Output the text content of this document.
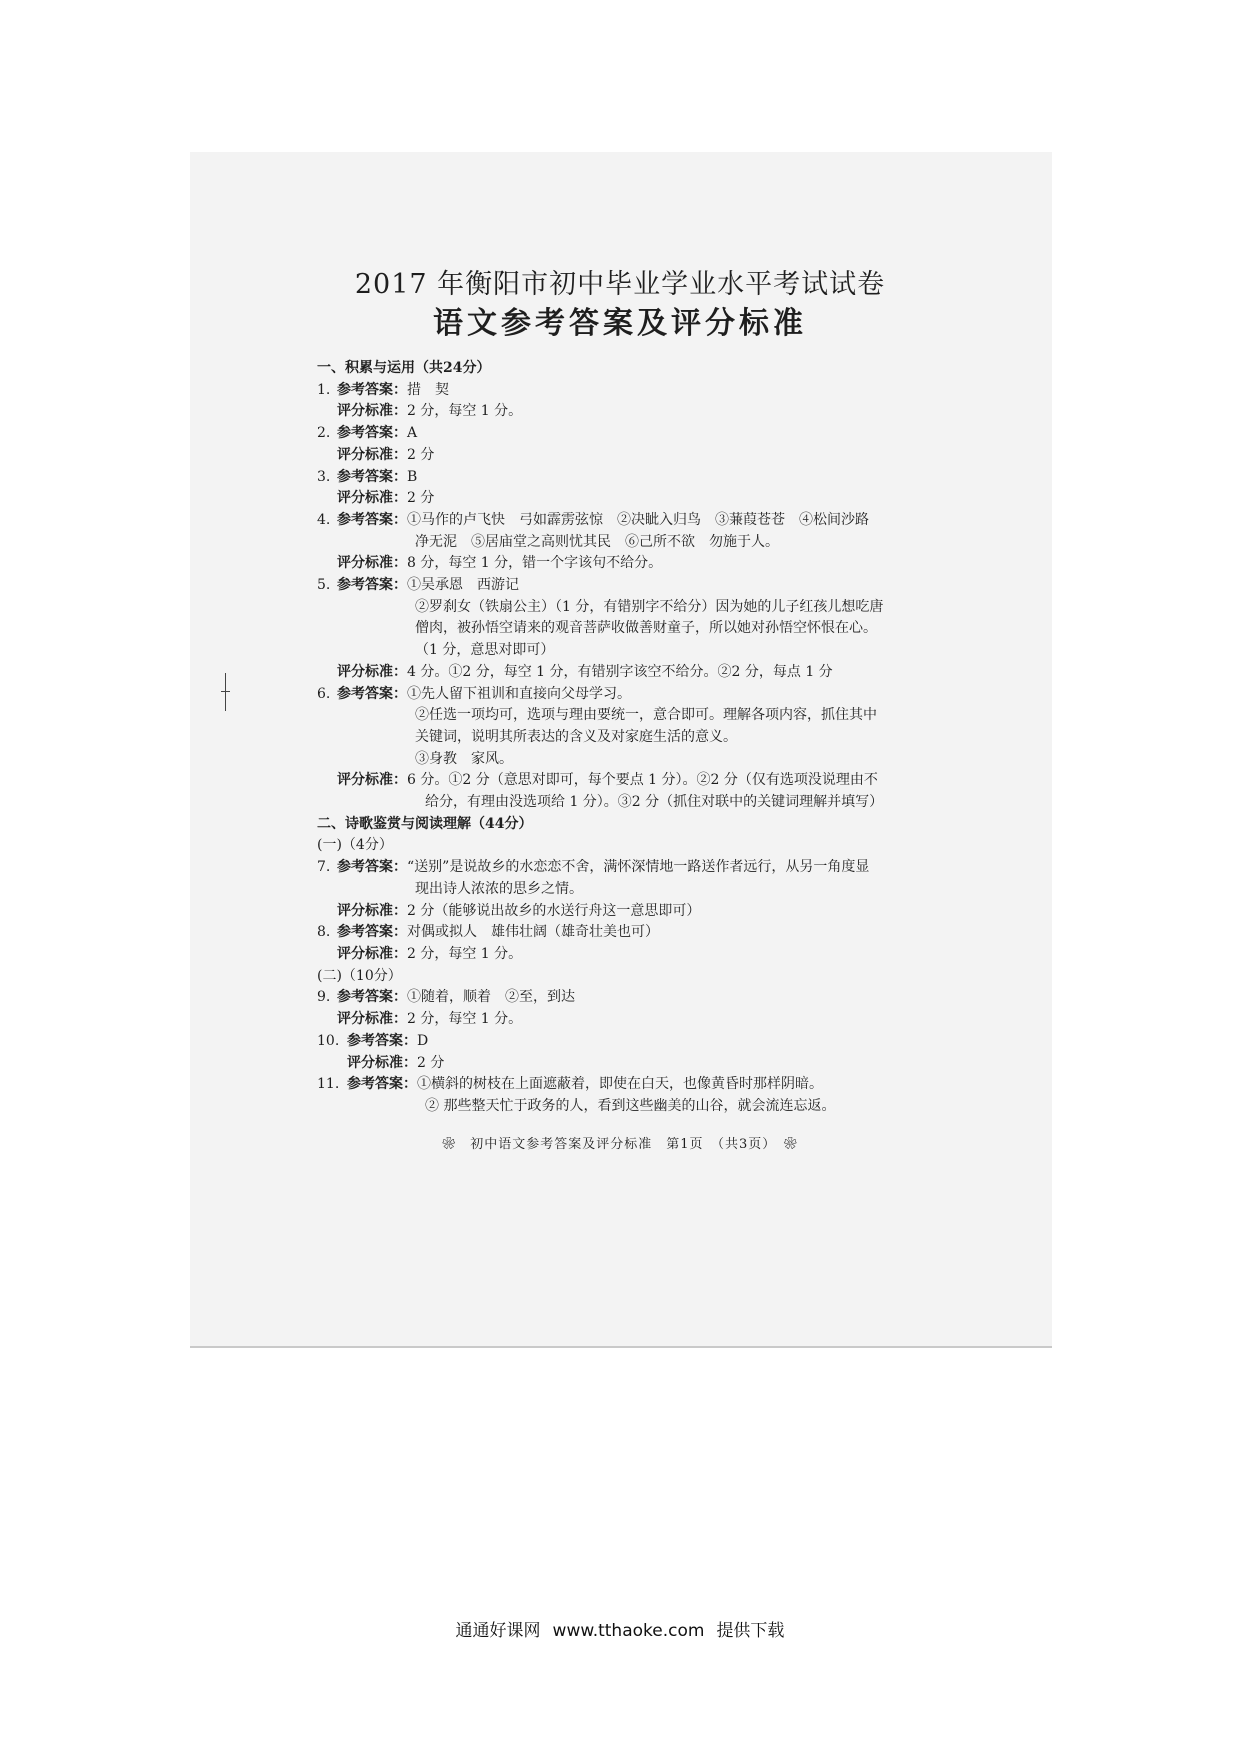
2017 年衡阳市初中毕业学业水平考试试卷
语文参考答案及评分标准
一、积累与运用（共24分）
1. 参考答案： 措　契
评分标准： 2 分，每空 1 分。
2. 参考答案： A
评分标准： 2 分
3. 参考答案： B
评分标准： 2 分
4. 参考答案： ①马作的卢飞快　弓如霹雳弦惊　②决眦入归鸟　③蒹葭苍苍　④松间沙路
净无泥　⑤居庙堂之高则忧其民　⑥己所不欲　勿施于人。
评分标准： 8 分，每空 1 分，错一个字该句不给分。
5. 参考答案： ①吴承恩　西游记
②罗刹女（铁扇公主）（1 分，有错别字不给分）因为她的儿子红孩儿想吃唐
僧肉，被孙悟空请来的观音菩萨收做善财童子，所以她对孙悟空怀恨在心。
（1 分，意思对即可）
评分标准： 4 分。①2 分，每空 1 分，有错别字该空不给分。②2 分，每点 1 分
6. 参考答案： ①先人留下祖训和直接向父母学习。
②任选一项均可，选项与理由要统一，意合即可。理解各项内容，抓住其中
关键词，说明其所表达的含义及对家庭生活的意义。
③身教　家风。
评分标准： 6 分。①2 分（意思对即可，每个要点 1 分）。②2 分（仅有选项没说理由不
给分，有理由没选项给 1 分）。③2 分（抓住对联中的关键词理解并填写）
二、诗歌鉴赏与阅读理解（44分）
(一)（4分）
7. 参考答案： “送别”是说故乡的水恋恋不舍，满怀深情地一路送作者远行，从另一角度显
现出诗人浓浓的思乡之情。
评分标准： 2 分（能够说出故乡的水送行舟这一意思即可）
8. 参考答案： 对偶或拟人　雄伟壮阔（雄奇壮美也可）
评分标准： 2 分，每空 1 分。
(二)（10分）
9. 参考答案： ①随着，顺着　②至，到达
评分标准： 2 分，每空 1 分。
10. 参考答案： D
评分标准： 2 分
11. 参考答案： ①横斜的树枝在上面遮蔽着，即使在白天，也像黄昏时那样阴暗。
② 那些整天忙于政务的人，看到这些幽美的山谷，就会流连忘返。
❀　初中语文参考答案及评分标准　第1页　（共3页）　❀
通通好课网 www.tthaoke.com 提供下载
